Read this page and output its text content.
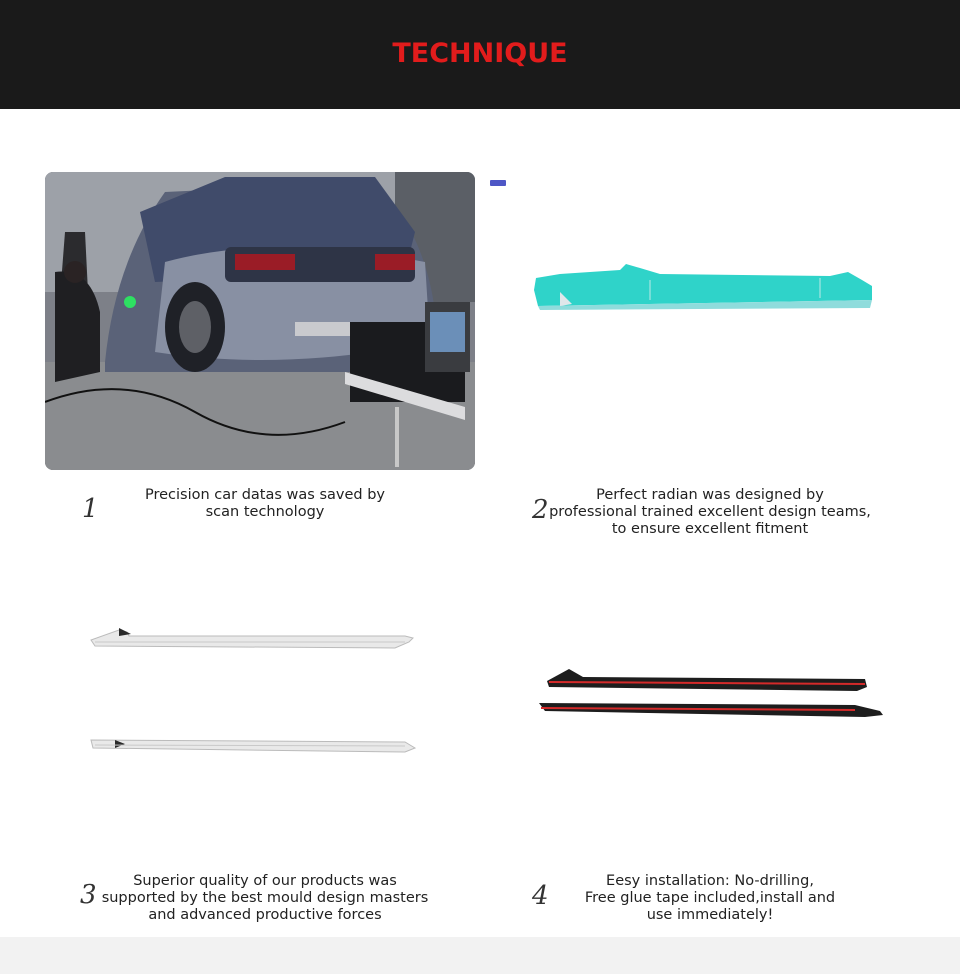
TECHNIQUE
1	Precision car datas was saved by
scan technology	2	Perfect radian was designed by
professional trained excellent design teams,
to ensure excellent fitment
3	Superior quality of our products was
supported by the best mould design masters
and advanced productive forces
4	Eesy installation: No-drilling,
Free glue tape included,install and
use immediately!
